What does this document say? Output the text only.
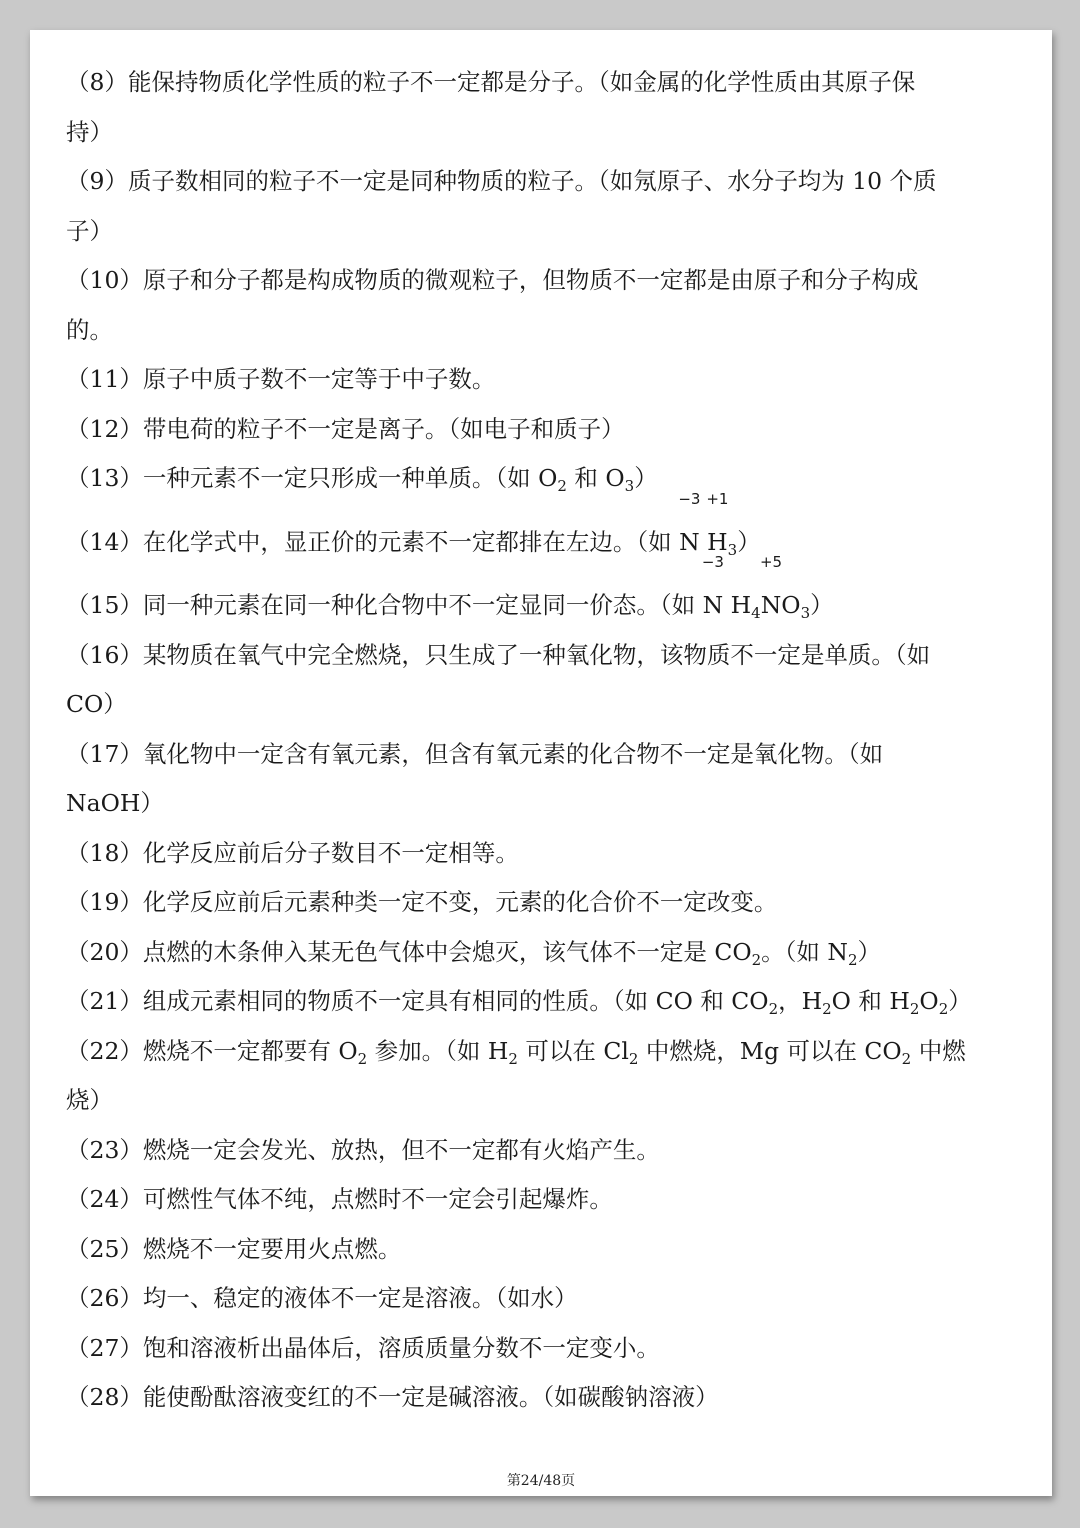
（8）能保持物质化学性质的粒子不一定都是分子。（如金属的化学性质由其原子保
持）
（9）质子数相同的粒子不一定是同种物质的粒子。（如氖原子、水分子均为 10 个质
子）
（10）原子和分子都是构成物质的微观粒子，但物质不一定都是由原子和分子构成
的。
（11）原子中质子数不一定等于中子数。
（12）带电荷的粒子不一定是离子。（如电子和质子）
（13）一种元素不一定只形成一种单质。（如 $O_2$ 和 $O_3$）
（14）在化学式中，显正价的元素不一定都排在左边。（如
−3
N
+1
$H_3$）
（15）同一种元素在同一种化合物中不一定显同一价态。（如
−3
N $H_4$
+5
$NO_3$）
（16）某物质在氧气中完全燃烧，只生成了一种氧化物，该物质不一定是单质。（如
CO）
（17）氧化物中一定含有氧元素，但含有氧元素的化合物不一定是氧化物。（如
NaOH）
（18）化学反应前后分子数目不一定相等。
（19）化学反应前后元素种类一定不变，元素的化合价不一定改变。
（20）点燃的木条伸入某无色气体中会熄灭，该气体不一定是 $CO_2$。（如 $N_2$）
（21）组成元素相同的物质不一定具有相同的性质。（如 CO 和 $CO_2$，$H_2O$ 和 $H_2O_2$）
（22）燃烧不一定都要有 $O_2$ 参加。（如 $H_2$ 可以在 $Cl_2$ 中燃烧，Mg 可以在 $CO_2$ 中燃
烧）
（23）燃烧一定会发光、放热，但不一定都有火焰产生。
（24）可燃性气体不纯，点燃时不一定会引起爆炸。
（25）燃烧不一定要用火点燃。
（26）均一、稳定的液体不一定是溶液。（如水）
（27）饱和溶液析出晶体后，溶质质量分数不一定变小。
（28）能使酚酞溶液变红的不一定是碱溶液。（如碳酸钠溶液）
第24/48页
